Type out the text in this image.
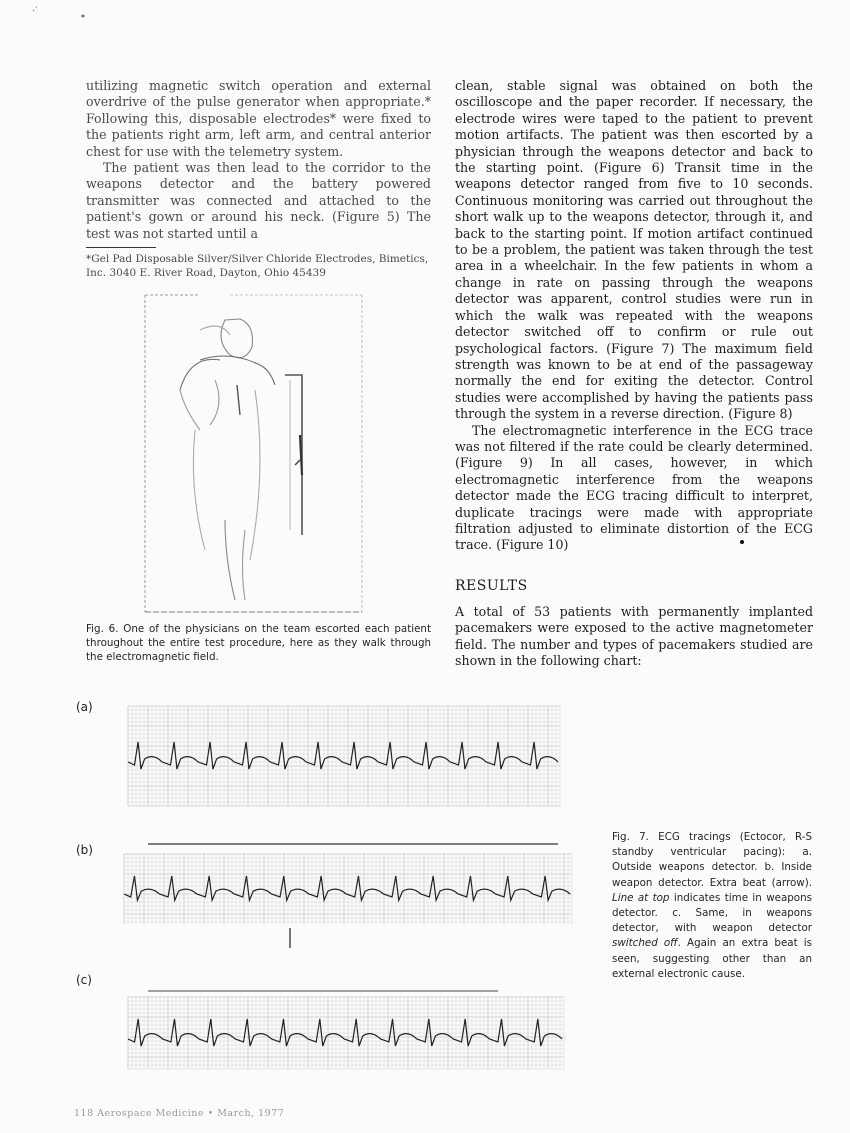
·‵
•

utilizing magnetic switch operation and external overdrive of the pulse generator when appropriate.* Following this, disposable electrodes* were fixed to the patients right arm, left arm, and central anterior chest for use with the telemetry system.

The patient was then lead to the corridor to the weapons detector and the battery powered transmitter was connected and attached to the patient's gown or around his neck. (Figure 5) The test was not started until a

*Gel Pad Disposable Silver/Silver Chloride Electrodes, Bimetics, Inc. 3040 E. River Road, Dayton, Ohio 45439
Fig. 6. One of the physicians on the team escorted each patient throughout the entire test procedure, here as they walk through the electromagnetic field.

clean, stable signal was obtained on both the oscilloscope and the paper recorder. If necessary, the electrode wires were taped to the patient to prevent motion artifacts. The patient was then escorted by a physician through the weapons detector and back to the starting point. (Figure 6) Transit time in the weapons detector ranged from five to 10 seconds. Continuous monitoring was carried out throughout the short walk up to the weapons detector, through it, and back to the starting point. If motion artifact continued to be a problem, the patient was taken through the test area in a wheelchair. In the few patients in whom a change in rate on passing through the weapons detector was apparent, control studies were run in which the walk was repeated with the weapons detector switched off to confirm or rule out psychological factors. (Figure 7) The maximum field strength was known to be at end of the passageway normally the end for exiting the detector. Control studies were accomplished by having the patients pass through the system in a reverse direction. (Figure 8)

The electromagnetic interference in the ECG trace was not filtered if the rate could be clearly determined. (Figure 9) In all cases, however, in which electromagnetic interference from the weapons detector made the ECG tracing difficult to interpret, duplicate tracings were made with appropriate filtration adjusted to eliminate distortion of the ECG trace. (Figure 10)

RESULTS
A total of 53 patients with permanently implanted pacemakers were exposed to the active magnetometer field. The number and types of pacemakers studied are shown in the following chart:
(a)
(b)
(c)
Fig. 7. ECG tracings (Ectocor, R-S standby ventricular pacing): a. Outside weapons detector. b. Inside weapon detector. Extra beat (arrow). Line at top indicates time in weapons detector. c. Same, in weapons detector, with weapon detector switched off. Again an extra beat is seen, suggesting other than an external electronic cause.
118 Aerospace Medicine • March, 1977
